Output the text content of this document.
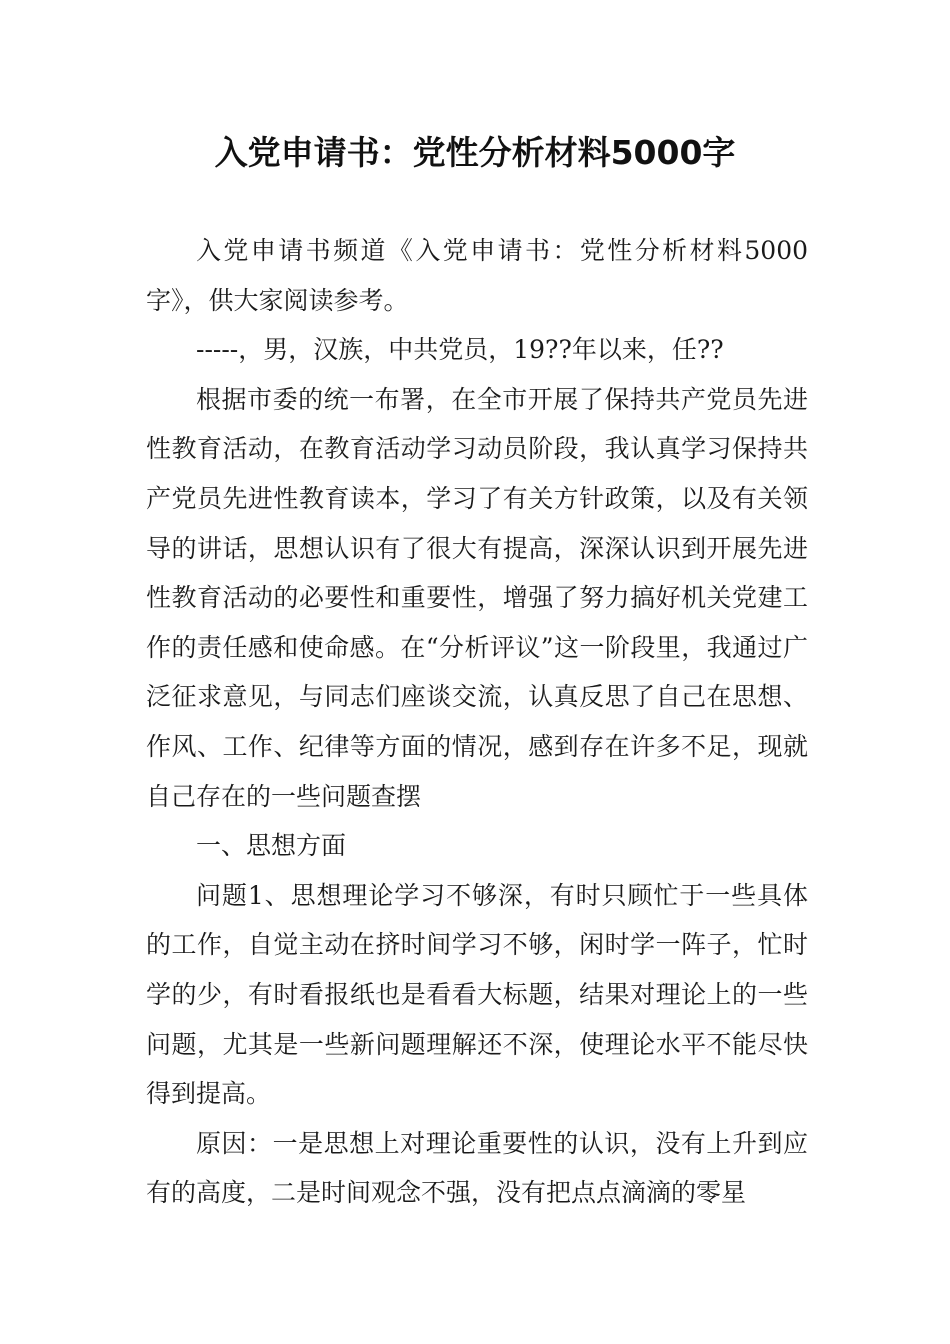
入党申请书：党性分析材料5000字

入党申请书频道《入党申请书：党性分析材料5000字》，供大家阅读参考。

-----，男，汉族，中共党员，19??年以来，任??

根据市委的统一布署，在全市开展了保持共产党员先进性教育活动，在教育活动学习动员阶段，我认真学习保持共产党员先进性教育读本，学习了有关方针政策，以及有关领导的讲话，思想认识有了很大有提高，深深认识到开展先进性教育活动的必要性和重要性，增强了努力搞好机关党建工作的责任感和使命感。在“分析评议”这一阶段里，我通过广泛征求意见，与同志们座谈交流，认真反思了自己在思想、作风、工作、纪律等方面的情况，感到存在许多不足，现就自己存在的一些问题查摆

一、思想方面

问题1、思想理论学习不够深，有时只顾忙于一些具体的工作，自觉主动在挤时间学习不够，闲时学一阵子，忙时学的少，有时看报纸也是看看大标题，结果对理论上的一些问题，尤其是一些新问题理解还不深，使理论水平不能尽快得到提高。

原因：一是思想上对理论重要性的认识，没有上升到应有的高度，二是时间观念不强，没有把点点滴滴的零星
